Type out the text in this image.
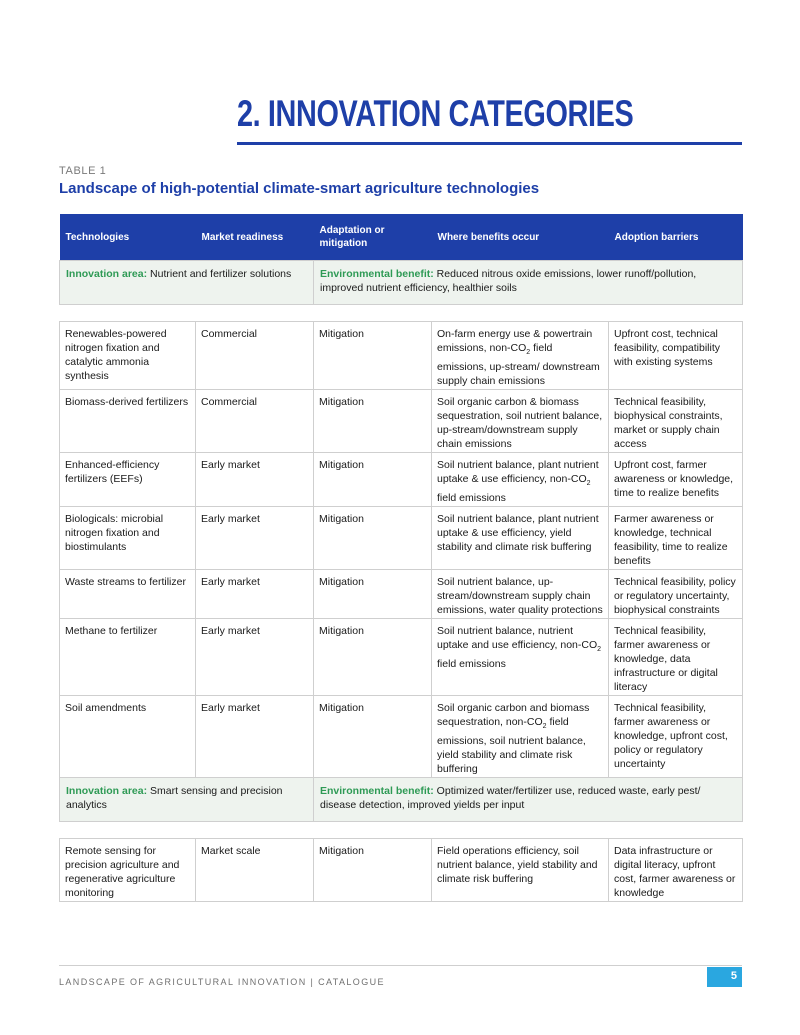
2. INNOVATION CATEGORIES
TABLE 1
Landscape of high-potential climate-smart agriculture technologies
Technologies	Market readiness	Adaptation or mitigation	Where benefits occur	Adoption barriers
Innovation area: Nutrient and fertilizer solutions		Environmental benefit: Reduced nitrous oxide emissions, lower runoff/pollution, improved nutrient efficiency, healthier soils		

Renewables-powered nitrogen fixation and catalytic ammonia synthesis	Commercial	Mitigation	On-farm energy use & powertrain emissions, non-$CO_2$ field emissions, up-stream/ downstream supply chain emissions	Upfront cost, technical feasibility, compatibility with existing systems
Biomass-derived fertilizers	Commercial	Mitigation	Soil organic carbon & biomass sequestration, soil nutrient balance, up-stream/downstream supply chain emissions	Technical feasibility, biophysical constraints, market or supply chain access
Enhanced-efficiency fertilizers (EEFs)	Early market	Mitigation	Soil nutrient balance, plant nutrient uptake & use efficiency, non-$CO_2$ field emissions	Upfront cost, farmer awareness or knowledge, time to realize benefits
Biologicals: microbial nitrogen fixation and biostimulants	Early market	Mitigation	Soil nutrient balance, plant nutrient uptake & use efficiency, yield stability and climate risk buffering	Farmer awareness or knowledge, technical feasibility, time to realize benefits
Waste streams to fertilizer	Early market	Mitigation	Soil nutrient balance, up-stream/downstream supply chain emissions, water quality protections	Technical feasibility, policy or regulatory uncertainty, biophysical constraints
Methane to fertilizer	Early market	Mitigation	Soil nutrient balance, nutrient uptake and use efficiency, non-$CO_2$ field emissions	Technical feasibility, farmer awareness or knowledge, data infrastructure or digital literacy
Soil amendments	Early market	Mitigation	Soil organic carbon and biomass sequestration, non-$CO_2$ field emissions, soil nutrient balance, yield stability and climate risk buffering	Technical feasibility, farmer awareness or knowledge, upfront cost, policy or regulatory uncertainty
Innovation area: Smart sensing and precision analytics		Environmental benefit: Optimized water/fertilizer use, reduced waste, early pest/ disease detection, improved yields per input		

Remote sensing for precision agriculture and regenerative agriculture monitoring	Market scale	Mitigation	Field operations efficiency, soil nutrient balance, yield stability and climate risk buffering	Data infrastructure or digital literacy, upfront cost, farmer awareness or knowledge
LANDSCAPE OF AGRICULTURAL INNOVATION | CATALOGUE	5
